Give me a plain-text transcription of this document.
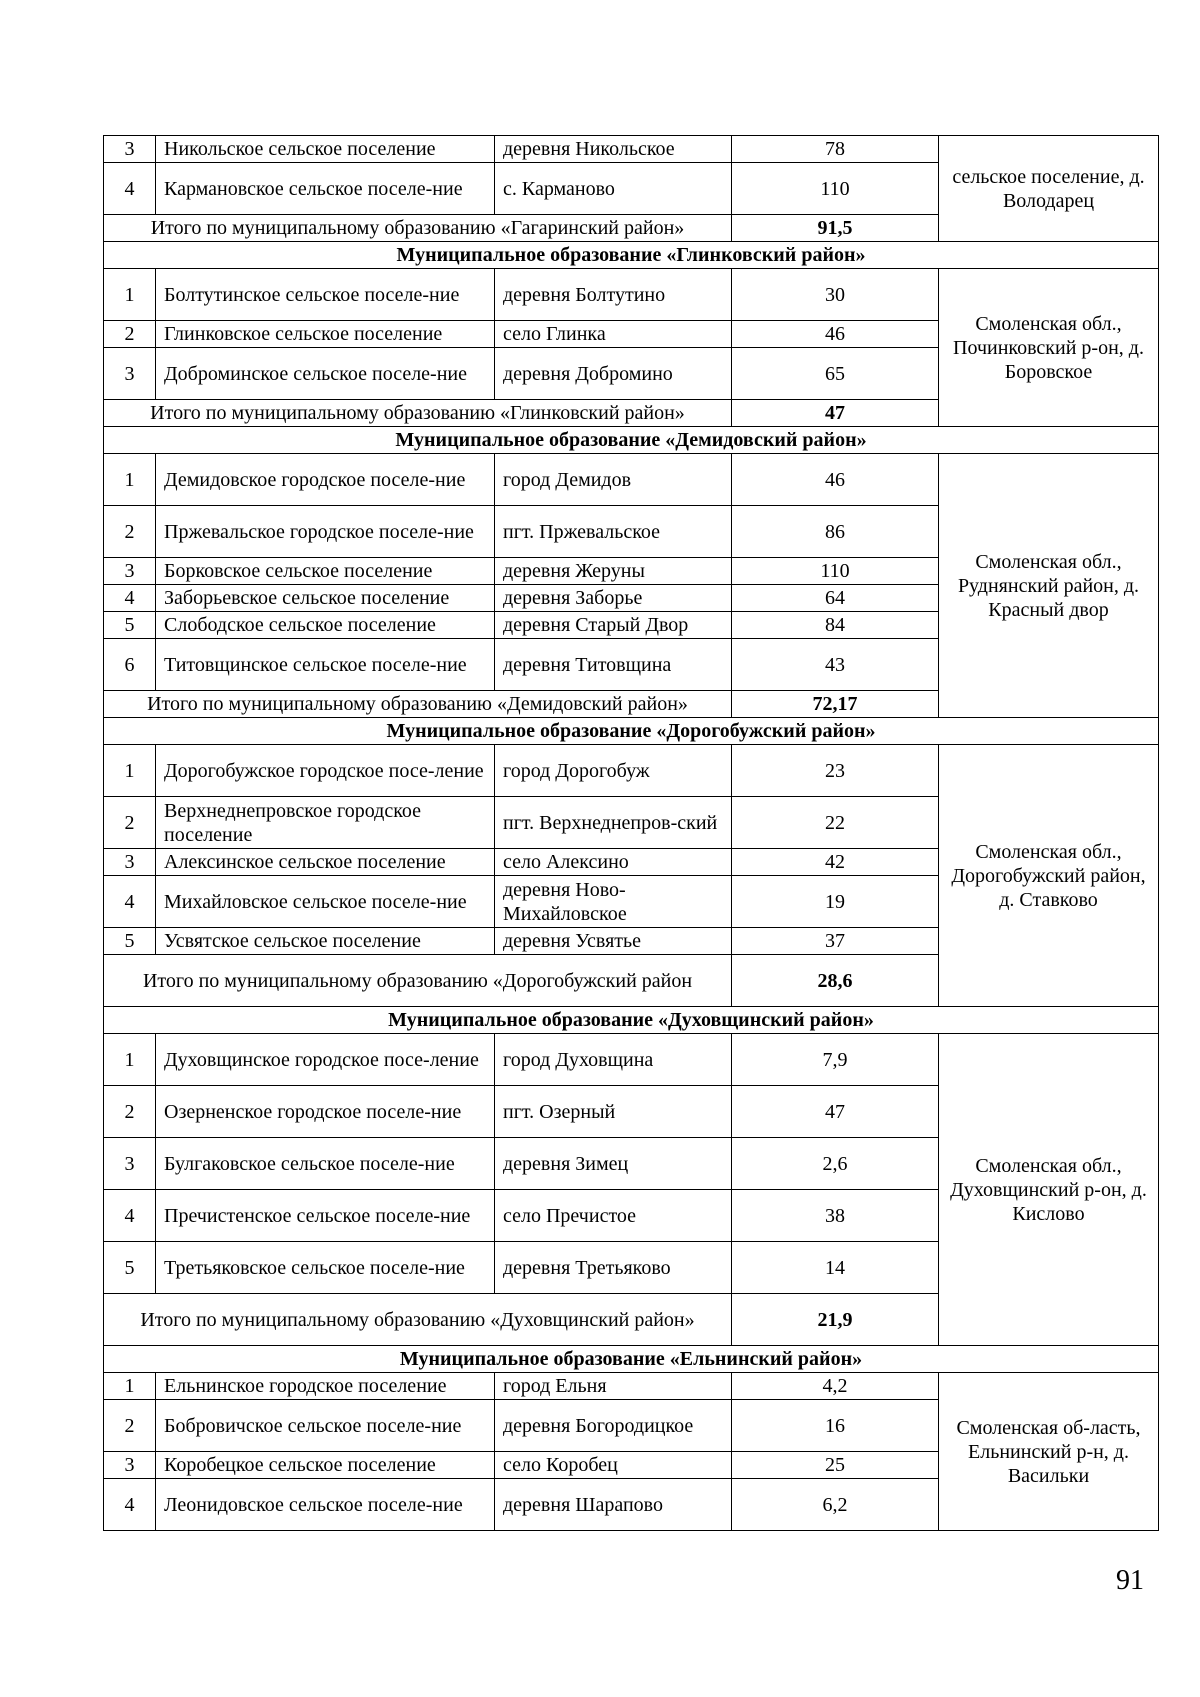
3	Никольское сельское поселение	деревня Никольское	78	сельское поселение, д. Володарец
4	Кармановское сельское поселе-ние	с. Карманово	110	
Итого по муниципальному образованию «Гагаринский район»			91,5	
Муниципальное образование «Глинковский район»				
1	Болтутинское сельское поселе-ние	деревня Болтутино	30	Смоленская обл., Починковский р-он, д. Боровское
2	Глинковское сельское поселение	село Глинка	46	
3	Доброминское сельское поселе-ние	деревня Добромино	65	
Итого по муниципальному образованию «Глинковский район»			47	
Муниципальное образование «Демидовский район»				
1	Демидовское городское поселе-ние	город Демидов	46	Смоленская обл., Руднянский район, д. Красный двор
2	Пржевальское городское поселе-ние	пгт. Пржевальское	86	
3	Борковское сельское поселение	деревня Жеруны	110	
4	Заборьевское сельское поселение	деревня Заборье	64	
5	Слободское сельское поселение	деревня Старый Двор	84	
6	Титовщинское сельское поселе-ние	деревня Титовщина	43	
Итого по муниципальному образованию «Демидовский район»			72,17	
Муниципальное образование «Дорогобужский район»				
1	Дорогобужское городское посе-ление	город Дорогобуж	23	Смоленская обл., Дорогобужский район, д. Ставково
2	Верхнеднепровское городское поселение	пгт. Верхнеднепров-ский	22	
3	Алексинское сельское поселение	село Алексино	42	
4	Михайловское сельское поселе-ние	деревня Ново-Михайловское	19	
5	Усвятское сельское поселение	деревня Усвятье	37	
Итого по муниципальному образованию «Дорогобужский район			28,6	
Муниципальное образование «Духовщинский район»				
1	Духовщинское городское посе-ление	город Духовщина	7,9	Смоленская обл., Духовщинский р-он, д. Кислово
2	Озерненское городское поселе-ние	пгт. Озерный	47	
3	Булгаковское сельское поселе-ние	деревня Зимец	2,6	
4	Пречистенское сельское поселе-ние	село Пречистое	38	
5	Третьяковское сельское поселе-ние	деревня Третьяково	14	
Итого по муниципальному образованию «Духовщинский район»			21,9	
Муниципальное образование «Ельнинский район»				
1	Ельнинское городское поселение	город Ельня	4,2	Смоленская об-ласть, Ельнинский р-н, д. Васильки
2	Бобровичское сельское поселе-ние	деревня Богородицкое	16	
3	Коробецкое сельское поселение	село Коробец	25	
4	Леонидовское сельское поселе-ние	деревня Шарапово	6,2	
91
